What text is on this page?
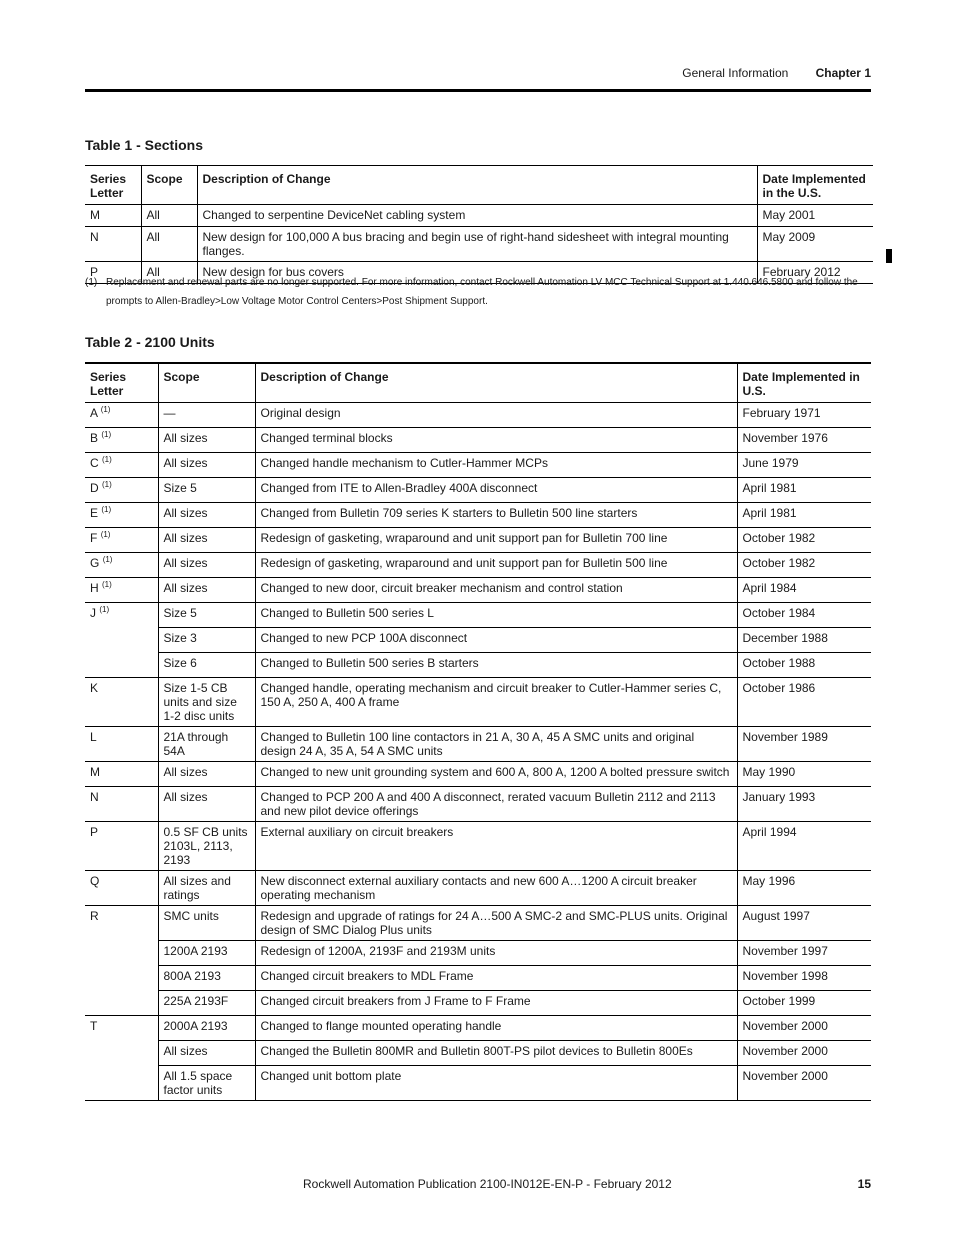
General Information Chapter 1
Table 1 - Sections
Series Letter	Scope	Description of Change	Date Implemented in the U.S.
M	All	Changed to serpentine DeviceNet cabling system	May 2001
N	All	New design for 100,000 A bus bracing and begin use of right-hand sidesheet with integral mounting flanges.	May 2009
P	All	New design for bus covers	February 2012
(1) Replacement and renewal parts are no longer supported. For more information, contact Rockwell Automation LV MCC Technical Support at 1.440.646.5800 and follow the prompts to Allen-Bradley>Low Voltage Motor Control Centers>Post Shipment Support.
Table 2 - 2100 Units
Series Letter	Scope	Description of Change	Date Implemented in U.S.
A $^{(1)}$	—	Original design	February 1971
B $^{(1)}$	All sizes	Changed terminal blocks	November 1976
C $^{(1)}$	All sizes	Changed handle mechanism to Cutler-Hammer MCPs	June 1979
D $^{(1)}$	Size 5	Changed from ITE to Allen-Bradley 400A disconnect	April 1981
E $^{(1)}$	All sizes	Changed from Bulletin 709 series K starters to Bulletin 500 line starters	April 1981
F $^{(1)}$	All sizes	Redesign of gasketing, wraparound and unit support pan for Bulletin 700 line	October 1982
G $^{(1)}$	All sizes	Redesign of gasketing, wraparound and unit support pan for Bulletin 500 line	October 1982
H $^{(1)}$	All sizes	Changed to new door, circuit breaker mechanism and control station	April 1984
J $^{(1)}$	Size 5	Changed to Bulletin 500 series L	October 1984
	Size 3	Changed to new PCP 100A disconnect	December 1988
	Size 6	Changed to Bulletin 500 series B starters	October 1988
K	Size 1-5 CB units and size 1-2 disc units	Changed handle, operating mechanism and circuit breaker to Cutler-Hammer series C, 150 A, 250 A, 400 A frame	October 1986
L	21A through 54A	Changed to Bulletin 100 line contactors in 21 A, 30 A, 45 A SMC units and original design 24 A, 35 A, 54 A SMC units	November 1989
M	All sizes	Changed to new unit grounding system and 600 A, 800 A, 1200 A bolted pressure switch	May 1990
N	All sizes	Changed to PCP 200 A and 400 A disconnect, rerated vacuum Bulletin 2112 and 2113 and new pilot device offerings	January 1993
P	0.5 SF CB units 2103L, 2113, 2193	External auxiliary on circuit breakers	April 1994
Q	All sizes and ratings	New disconnect external auxiliary contacts and new 600 A…1200 A circuit breaker operating mechanism	May 1996
R	SMC units	Redesign and upgrade of ratings for 24 A…500 A SMC-2 and SMC-PLUS units. Original design of SMC Dialog Plus units	August 1997
	1200A 2193	Redesign of 1200A, 2193F and 2193M units	November 1997
	800A 2193	Changed circuit breakers to MDL Frame	November 1998
	225A 2193F	Changed circuit breakers from J Frame to F Frame	October 1999
T	2000A 2193	Changed to flange mounted operating handle	November 2000
	All sizes	Changed the Bulletin 800MR and Bulletin 800T-PS pilot devices to Bulletin 800Es	November 2000
	All 1.5 space factor units	Changed unit bottom plate	November 2000
Rockwell Automation Publication 2100-IN012E-EN-P - February 2012	15
